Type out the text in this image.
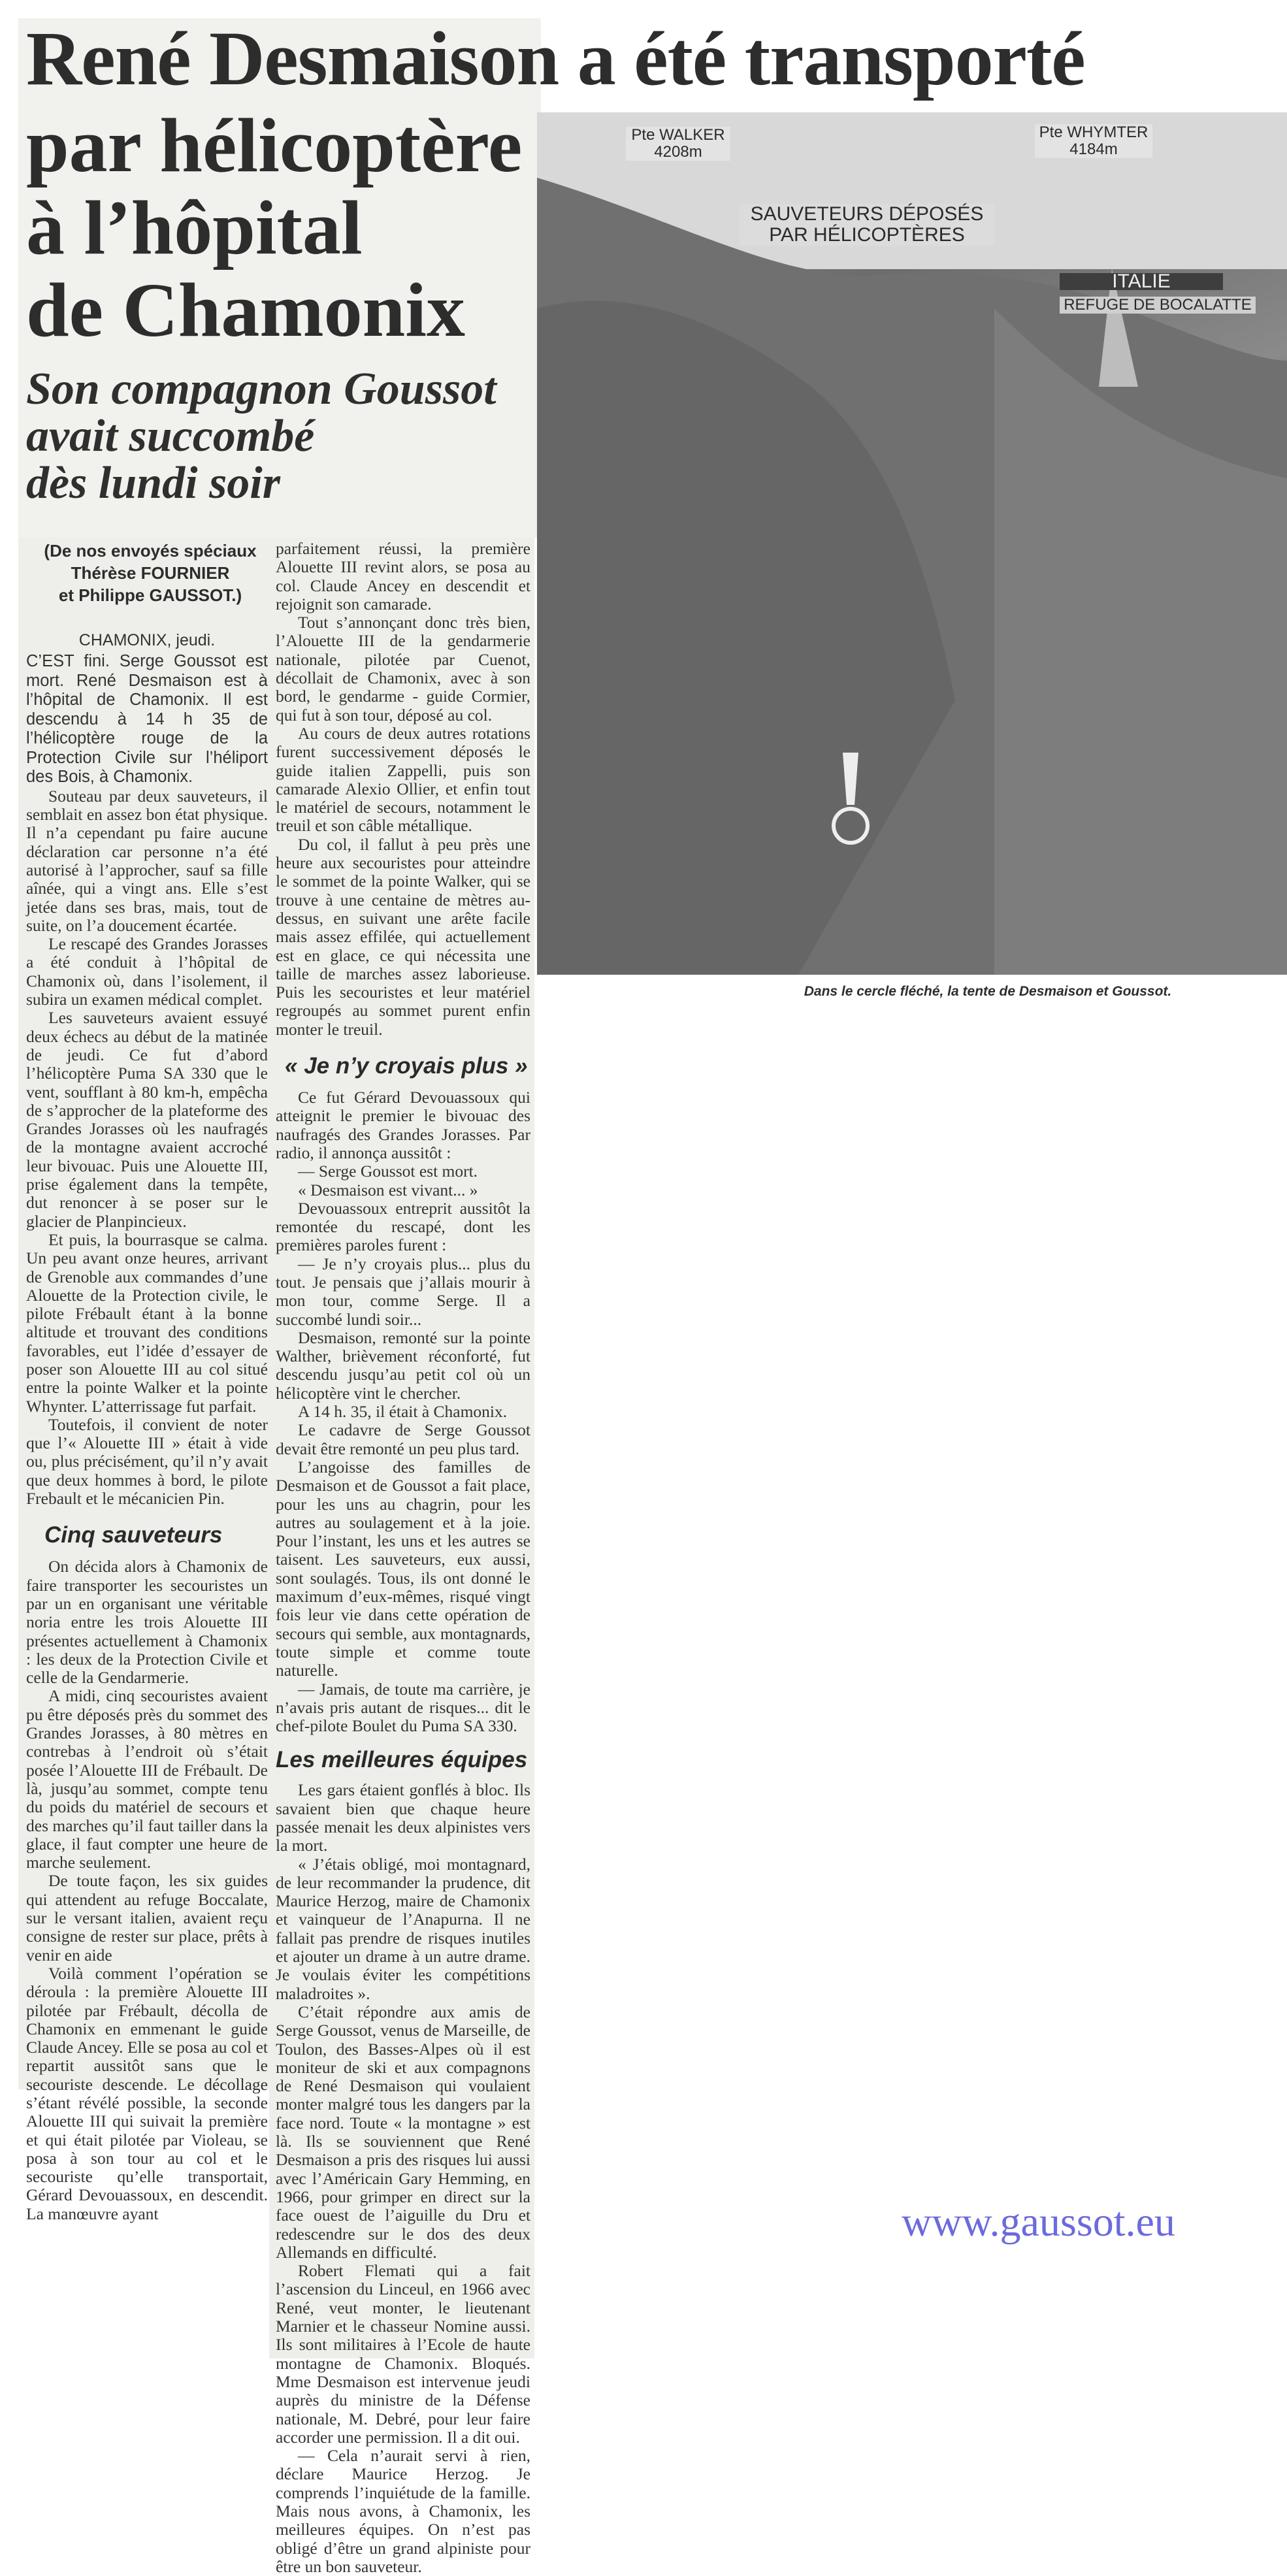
René Desmaison a été transporté
par hélicoptère
à l’hôpital
de Chamonix
Son compagnon Goussot
avait succombé
dès lundi soir
(De nos envoyés spéciaux
Thérèse FOURNIER
et Philippe GAUSSOT.)
Pte WALKER
4208m
Pte WHYMTER
4184m
SAUVETEURS DÉPOSÉS
PAR HÉLICOPTÈRES
ITALIE
REFUGE DE BOCALATTE
Dans le cercle fléché, la tente de Desmaison et Goussot.
CHAMONIX, jeudi.

C’EST fini. Serge Goussot est mort. René Desmaison est à l’hôpital de Chamonix. Il est descendu à 14 h 35 de l’hélicoptère rouge de la Protection Civile sur l’héliport des Bois, à Chamonix.

Souteau par deux sauveteurs, il semblait en assez bon état physique. Il n’a cependant pu faire aucune déclaration car personne n’a été autorisé à l’approcher, sauf sa fille aînée, qui a vingt ans. Elle s’est jetée dans ses bras, mais, tout de suite, on l’a doucement écartée.

Le rescapé des Grandes Jorasses a été conduit à l’hôpital de Chamonix où, dans l’isolement, il subira un examen médical complet.

Les sauveteurs avaient essuyé deux échecs au début de la matinée de jeudi. Ce fut d’abord l’hélicoptère Puma SA 330 que le vent, soufflant à 80 km-h, empêcha de s’approcher de la plateforme des Grandes Jorasses où les naufragés de la montagne avaient accroché leur bivouac. Puis une Alouette III, prise également dans la tempête, dut renoncer à se poser sur le glacier de Planpincieux.

Et puis, la bourrasque se calma. Un peu avant onze heures, arrivant de Grenoble aux commandes d’une Alouette de la Protection civile, le pilote Frébault étant à la bonne altitude et trouvant des conditions favorables, eut l’idée d’essayer de poser son Alouette III au col situé entre la pointe Walker et la pointe Whynter. L’atterrissage fut parfait.

Toutefois, il convient de noter que l’« Alouette III » était à vide ou, plus précisément, qu’il n’y avait que deux hommes à bord, le pilote Frebault et le mécanicien Pin.

Cinq sauveteurs

On décida alors à Chamonix de faire transporter les secouristes un par un en organisant une véritable noria entre les trois Alouette III présentes actuellement à Chamonix : les deux de la Protection Civile et celle de la Gendarmerie.

A midi, cinq secouristes avaient pu être déposés près du sommet des Grandes Jorasses, à 80 mètres en contrebas à l’endroit où s’était posée l’Alouette III de Frébault. De là, jusqu’au sommet, compte tenu du poids du matériel de secours et des marches qu’il faut tailler dans la glace, il faut compter une heure de marche seulement.

De toute façon, les six guides qui attendent au refuge Boccalate, sur le versant italien, avaient reçu consigne de rester sur place, prêts à venir en aide

Voilà comment l’opération se déroula : la première Alouette III pilotée par Frébault, décolla de Chamonix en emmenant le guide Claude Ancey. Elle se posa au col et repartit aussitôt sans que le secouriste descende. Le décollage s’étant révélé possible, la seconde Alouette III qui suivait la première et qui était pilotée par Violeau, se posa à son tour au col et le secouriste qu’elle transportait, Gérard Devouassoux, en descendit. La manœuvre ayant

parfaitement réussi, la première Alouette III revint alors, se posa au col. Claude Ancey en descendit et rejoignit son camarade.

Tout s’annonçant donc très bien, l’Alouette III de la gendarmerie nationale, pilotée par Cuenot, décollait de Chamonix, avec à son bord, le gendarme - guide Cormier, qui fut à son tour, déposé au col.

Au cours de deux autres rotations furent successivement déposés le guide italien Zappelli, puis son camarade Alexio Ollier, et enfin tout le matériel de secours, notamment le treuil et son câble métallique.

Du col, il fallut à peu près une heure aux secouristes pour atteindre le sommet de la pointe Walker, qui se trouve à une centaine de mètres au-dessus, en suivant une arête facile mais assez effilée, qui actuellement est en glace, ce qui nécessita une taille de marches assez laborieuse. Puis les secouristes et leur matériel regroupés au sommet purent enfin monter le treuil.

« Je n’y croyais plus »

Ce fut Gérard Devouassoux qui atteignit le premier le bivouac des naufragés des Grandes Jorasses. Par radio, il annonça aussitôt :

— Serge Goussot est mort.

« Desmaison est vivant... »

Devouassoux entreprit aussitôt la remontée du rescapé, dont les premières paroles furent :

— Je n’y croyais plus... plus du tout. Je pensais que j’allais mourir à mon tour, comme Serge. Il a succombé lundi soir...

Desmaison, remonté sur la pointe Walther, brièvement réconforté, fut descendu jusqu’au petit col où un hélicoptère vint le chercher.

A 14 h. 35, il était à Chamonix.

Le cadavre de Serge Goussot devait être remonté un peu plus tard.

L’angoisse des familles de Desmaison et de Goussot a fait place, pour les uns au chagrin, pour les autres au soulagement et à la joie. Pour l’instant, les uns et les autres se taisent. Les sauveteurs, eux aussi, sont soulagés. Tous, ils ont donné le maximum d’eux-mêmes, risqué vingt fois leur vie dans cette opération de secours qui semble, aux montagnards, toute simple et comme toute naturelle.

— Jamais, de toute ma carrière, je n’avais pris autant de risques... dit le chef-pilote Boulet du Puma SA 330.

Les meilleures équipes

Les gars étaient gonflés à bloc. Ils savaient bien que chaque heure passée menait les deux alpinistes vers la mort.

« J’étais obligé, moi montagnard, de leur recommander la prudence, dit Maurice Herzog, maire de Chamonix et vainqueur de l’Anapurna. Il ne fallait pas prendre de risques inutiles et ajouter un drame à un autre drame. Je voulais éviter les compétitions maladroites ».

C’était répondre aux amis de Serge Goussot, venus de Marseille, de Toulon, des Basses-Alpes où il est moniteur de ski et aux compagnons de René Desmaison qui voulaient monter malgré tous les dangers par la face nord. Toute « la montagne » est là. Ils se souviennent que René Desmaison a pris des risques lui aussi avec l’Américain Gary Hemming, en 1966, pour grimper en direct sur la face ouest de l’aiguille du Dru et redescendre sur le dos des deux Allemands en difficulté.

Robert Flemati qui a fait l’ascension du Linceul, en 1966 avec René, veut monter, le lieutenant Marnier et le chasseur Nomine aussi. Ils sont militaires à l’Ecole de haute montagne de Chamonix. Bloqués. Mme Desmaison est intervenue jeudi auprès du ministre de la Défense nationale, M. Debré, pour leur faire accorder une permission. Il a dit oui.

— Cela n’aurait servi à rien, déclare Maurice Herzog. Je comprends l’inquiétude de la famille. Mais nous avons, à Chamonix, les meilleures équipes. On n’est pas obligé d’être un grand alpiniste pour être un bon sauveteur.

www.gaussot.eu
